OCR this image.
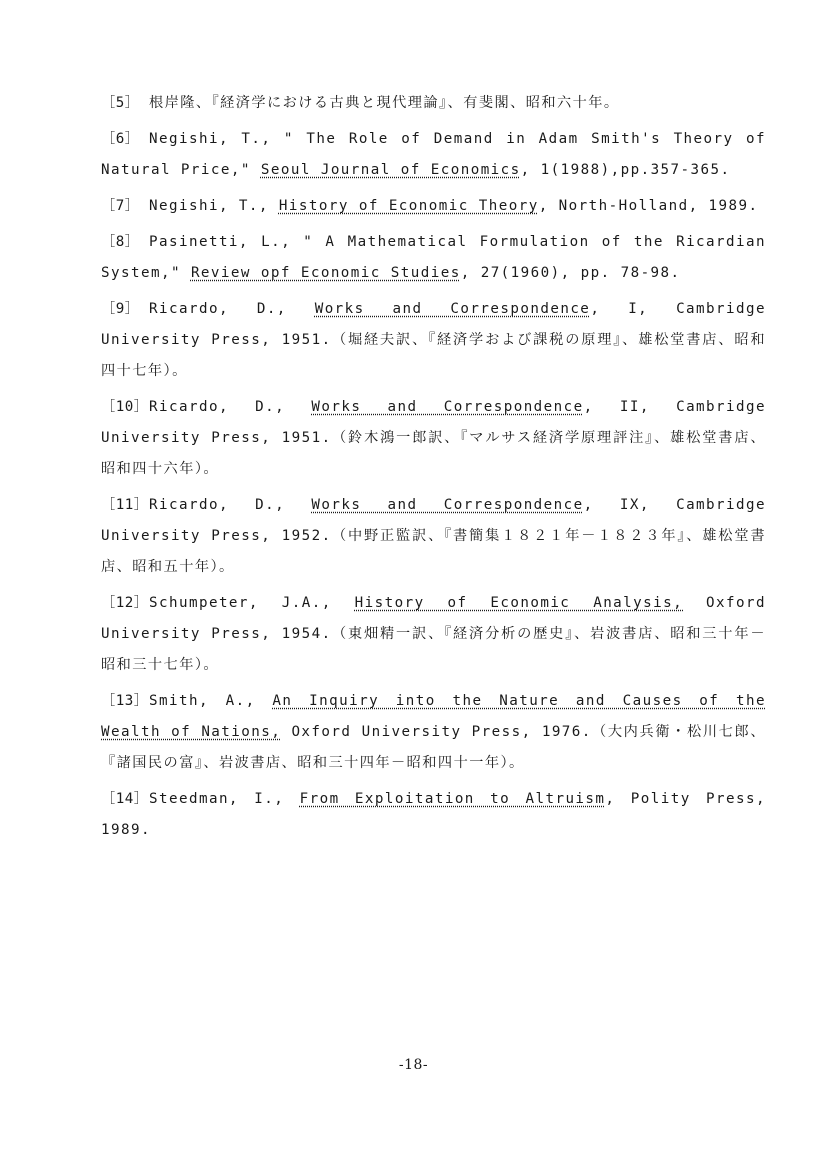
［5］ 根岸隆、『経済学における古典と現代理論』、有斐閣、昭和六十年。
［6］ Negishi, T., " The Role of Demand in Adam Smith's Theory of Natural Price," Seoul Journal of Economics, 1(1988),pp.357-365.
［7］ Negishi, T., History of Economic Theory, North-Holland, 1989.
［8］ Pasinetti, L., " A Mathematical Formulation of the Ricardian System," Review opf Economic Studies, 27(1960), pp. 78-98.
［9］ Ricardo, D., Works and Correspondence, I, Cambridge University Press, 1951.（堀経夫訳、『経済学および課税の原理』、雄松堂書店、昭和四十七年）。
［10］Ricardo, D., Works and Correspondence, II, Cambridge University Press, 1951.（鈴木鴻一郎訳、『マルサス経済学原理評注』、雄松堂書店、昭和四十六年）。
［11］Ricardo, D., Works and Correspondence, IX, Cambridge University Press, 1952.（中野正監訳、『書簡集１８２１年－１８２３年』、雄松堂書店、昭和五十年）。
［12］Schumpeter, J.A., History of Economic Analysis, Oxford University Press, 1954.（東畑精一訳、『経済分析の歴史』、岩波書店、昭和三十年－昭和三十七年）。
［13］Smith, A., An Inquiry into the Nature and Causes of the Wealth of Nations, Oxford University Press, 1976.（大内兵衛・松川七郎、『諸国民の富』、岩波書店、昭和三十四年－昭和四十一年）。
［14］Steedman, I., From Exploitation to Altruism, Polity Press, 1989.
-18-
